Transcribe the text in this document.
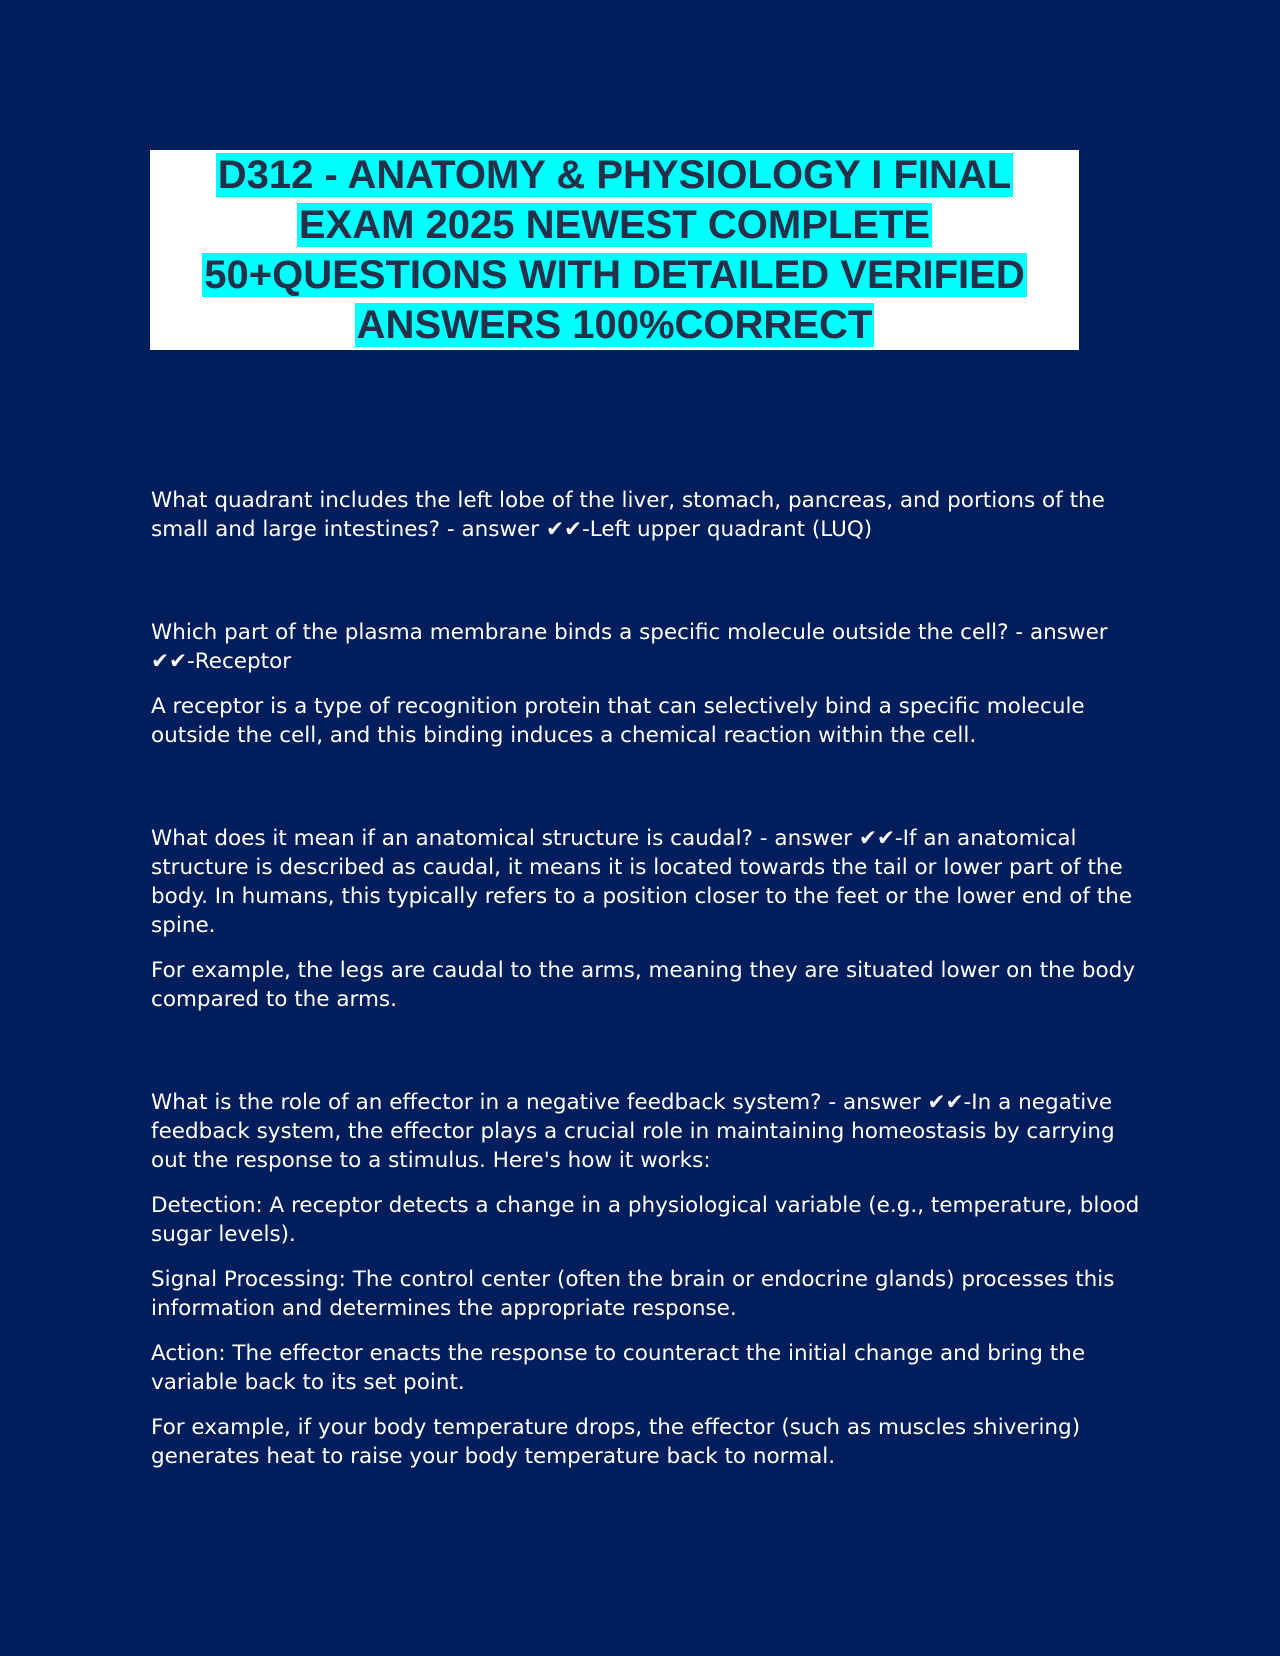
D312 - ANATOMY & PHYSIOLOGY I FINAL
EXAM 2025 NEWEST COMPLETE
50+QUESTIONS WITH DETAILED VERIFIED
ANSWERS 100%CORRECT

What quadrant includes the left lobe of the liver, stomach, pancreas, and portions of the small and large intestines? - answer ✔✔-Left upper quadrant (LUQ)

Which part of the plasma membrane binds a specific molecule outside the cell? - answer ✔✔-Receptor

A receptor is a type of recognition protein that can selectively bind a specific molecule outside the cell, and this binding induces a chemical reaction within the cell.

What does it mean if an anatomical structure is caudal? - answer ✔✔-If an anatomical structure is described as caudal, it means it is located towards the tail or lower part of the body. In humans, this typically refers to a position closer to the feet or the lower end of the spine.

For example, the legs are caudal to the arms, meaning they are situated lower on the body compared to the arms.

What is the role of an effector in a negative feedback system? - answer ✔✔-In a negative feedback system, the effector plays a crucial role in maintaining homeostasis by carrying out the response to a stimulus. Here's how it works:

Detection: A receptor detects a change in a physiological variable (e.g., temperature, blood sugar levels).

Signal Processing: The control center (often the brain or endocrine glands) processes this information and determines the appropriate response.

Action: The effector enacts the response to counteract the initial change and bring the variable back to its set point.

For example, if your body temperature drops, the effector (such as muscles shivering) generates heat to raise your body temperature back to normal.
